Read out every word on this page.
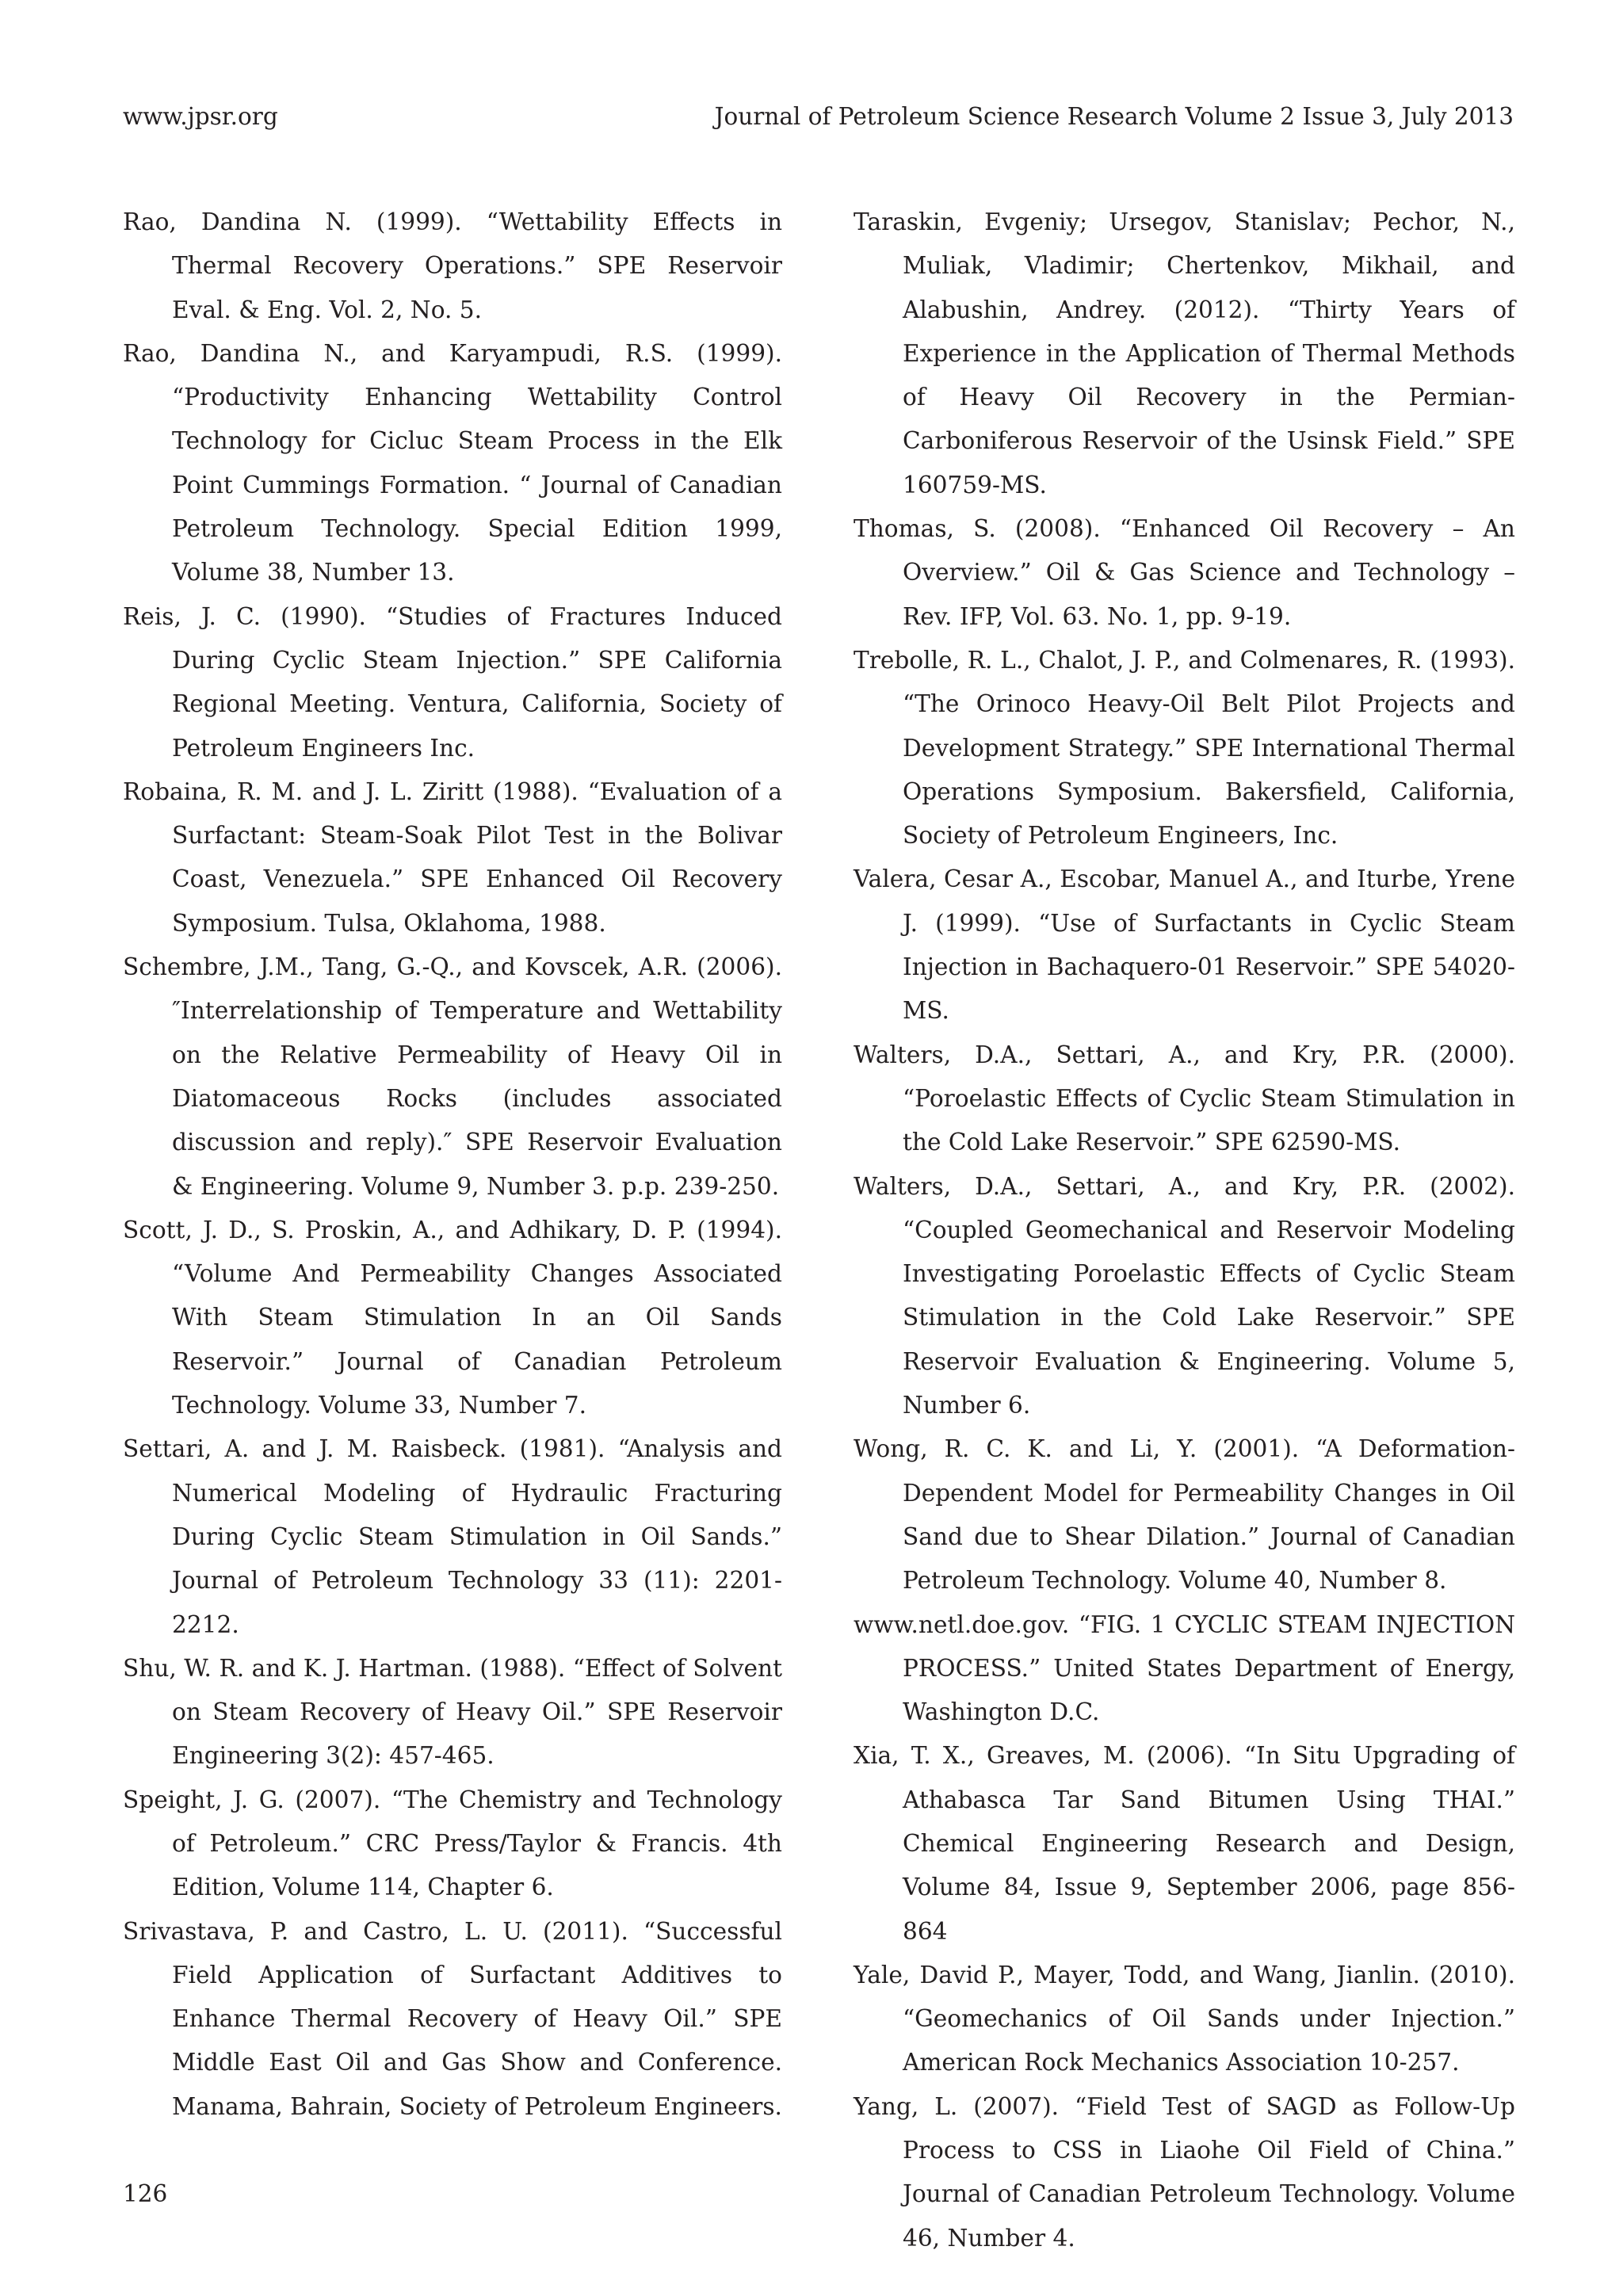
www.jpsr.org	Journal of Petroleum Science Research Volume 2 Issue 3, July 2013

Rao, Dandina N. (1999). “Wettability Effects in Thermal Recovery Operations.” SPE Reservoir Eval. & Eng. Vol. 2, No. 5.

Rao, Dandina N., and Karyampudi, R.S. (1999). “Productivity Enhancing Wettability Control Technology for Cicluc Steam Process in the Elk Point Cummings Formation. “ Journal of Canadian Petroleum Technology. Special Edition 1999, Volume 38, Number 13.

Reis, J. C. (1990). “Studies of Fractures Induced During Cyclic Steam Injection.” SPE California Regional Meeting. Ventura, California, Society of Petroleum Engineers Inc.

Robaina, R. M. and J. L. Ziritt (1988). “Evaluation of a Surfactant: Steam-Soak Pilot Test in the Bolivar Coast, Venezuela.” SPE Enhanced Oil Recovery Symposium. Tulsa, Oklahoma, 1988.

Schembre, J.M., Tang, G.-Q., and Kovscek, A.R. (2006). ″Interrelationship of Temperature and Wettability on the Relative Permeability of Heavy Oil in Diatomaceous Rocks (includes associated discussion and reply).″ SPE Reservoir Evaluation & Engineering. Volume 9, Number 3. p.p. 239-250.

Scott, J. D., S. Proskin, A., and Adhikary, D. P. (1994). “Volume And Permeability Changes Associated With Steam Stimulation In an Oil Sands Reservoir.” Journal of Canadian Petroleum Technology. Volume 33, Number 7.

Settari, A. and J. M. Raisbeck. (1981). “Analysis and Numerical Modeling of Hydraulic Fracturing During Cyclic Steam Stimulation in Oil Sands.” Journal of Petroleum Technology 33 (11): 2201-2212.

Shu, W. R. and K. J. Hartman. (1988). “Effect of Solvent on Steam Recovery of Heavy Oil.” SPE Reservoir Engineering 3(2): 457-465.

Speight, J. G. (2007). “The Chemistry and Technology of Petroleum.” CRC Press/Taylor & Francis. 4th Edition, Volume 114, Chapter 6.

Srivastava, P. and Castro, L. U. (2011). “Successful Field Application of Surfactant Additives to Enhance Thermal Recovery of Heavy Oil.” SPE Middle East Oil and Gas Show and Conference. Manama, Bahrain, Society of Petroleum Engineers.

Taraskin, Evgeniy; Ursegov, Stanislav; Pechor, N., Muliak, Vladimir; Chertenkov, Mikhail, and Alabushin, Andrey. (2012). “Thirty Years of Experience in the Application of Thermal Methods of Heavy Oil Recovery in the Permian-Carboniferous Reservoir of the Usinsk Field.” SPE 160759-MS.

Thomas, S. (2008). “Enhanced Oil Recovery – An Overview.” Oil & Gas Science and Technology – Rev. IFP, Vol. 63. No. 1, pp. 9-19.

Trebolle, R. L., Chalot, J. P., and Colmenares, R. (1993). “The Orinoco Heavy-Oil Belt Pilot Projects and Development Strategy.” SPE International Thermal Operations Symposium. Bakersfield, California, Society of Petroleum Engineers, Inc.

Valera, Cesar A., Escobar, Manuel A., and Iturbe, Yrene J. (1999). “Use of Surfactants in Cyclic Steam Injection in Bachaquero-01 Reservoir.” SPE 54020-MS.

Walters, D.A., Settari, A., and Kry, P.R. (2000). “Poroelastic Effects of Cyclic Steam Stimulation in the Cold Lake Reservoir.” SPE 62590-MS.

Walters, D.A., Settari, A., and Kry, P.R. (2002). “Coupled Geomechanical and Reservoir Modeling Investigating Poroelastic Effects of Cyclic Steam Stimulation in the Cold Lake Reservoir.” SPE Reservoir Evaluation & Engineering. Volume 5, Number 6.

Wong, R. C. K. and Li, Y. (2001). “A Deformation-Dependent Model for Permeability Changes in Oil Sand due to Shear Dilation.” Journal of Canadian Petroleum Technology. Volume 40, Number 8.

www.netl.doe.gov. “FIG. 1 CYCLIC STEAM INJECTION PROCESS.” United States Department of Energy, Washington D.C.

Xia, T. X., Greaves, M. (2006). “In Situ Upgrading of Athabasca Tar Sand Bitumen Using THAI.” Chemical Engineering Research and Design, Volume 84, Issue 9, September 2006, page 856-864

Yale, David P., Mayer, Todd, and Wang, Jianlin. (2010). “Geomechanics of Oil Sands under Injection.” American Rock Mechanics Association 10-257.

Yang, L. (2007). “Field Test of SAGD as Follow-Up Process to CSS in Liaohe Oil Field of China.” Journal of Canadian Petroleum Technology. Volume 46, Number 4.

126
